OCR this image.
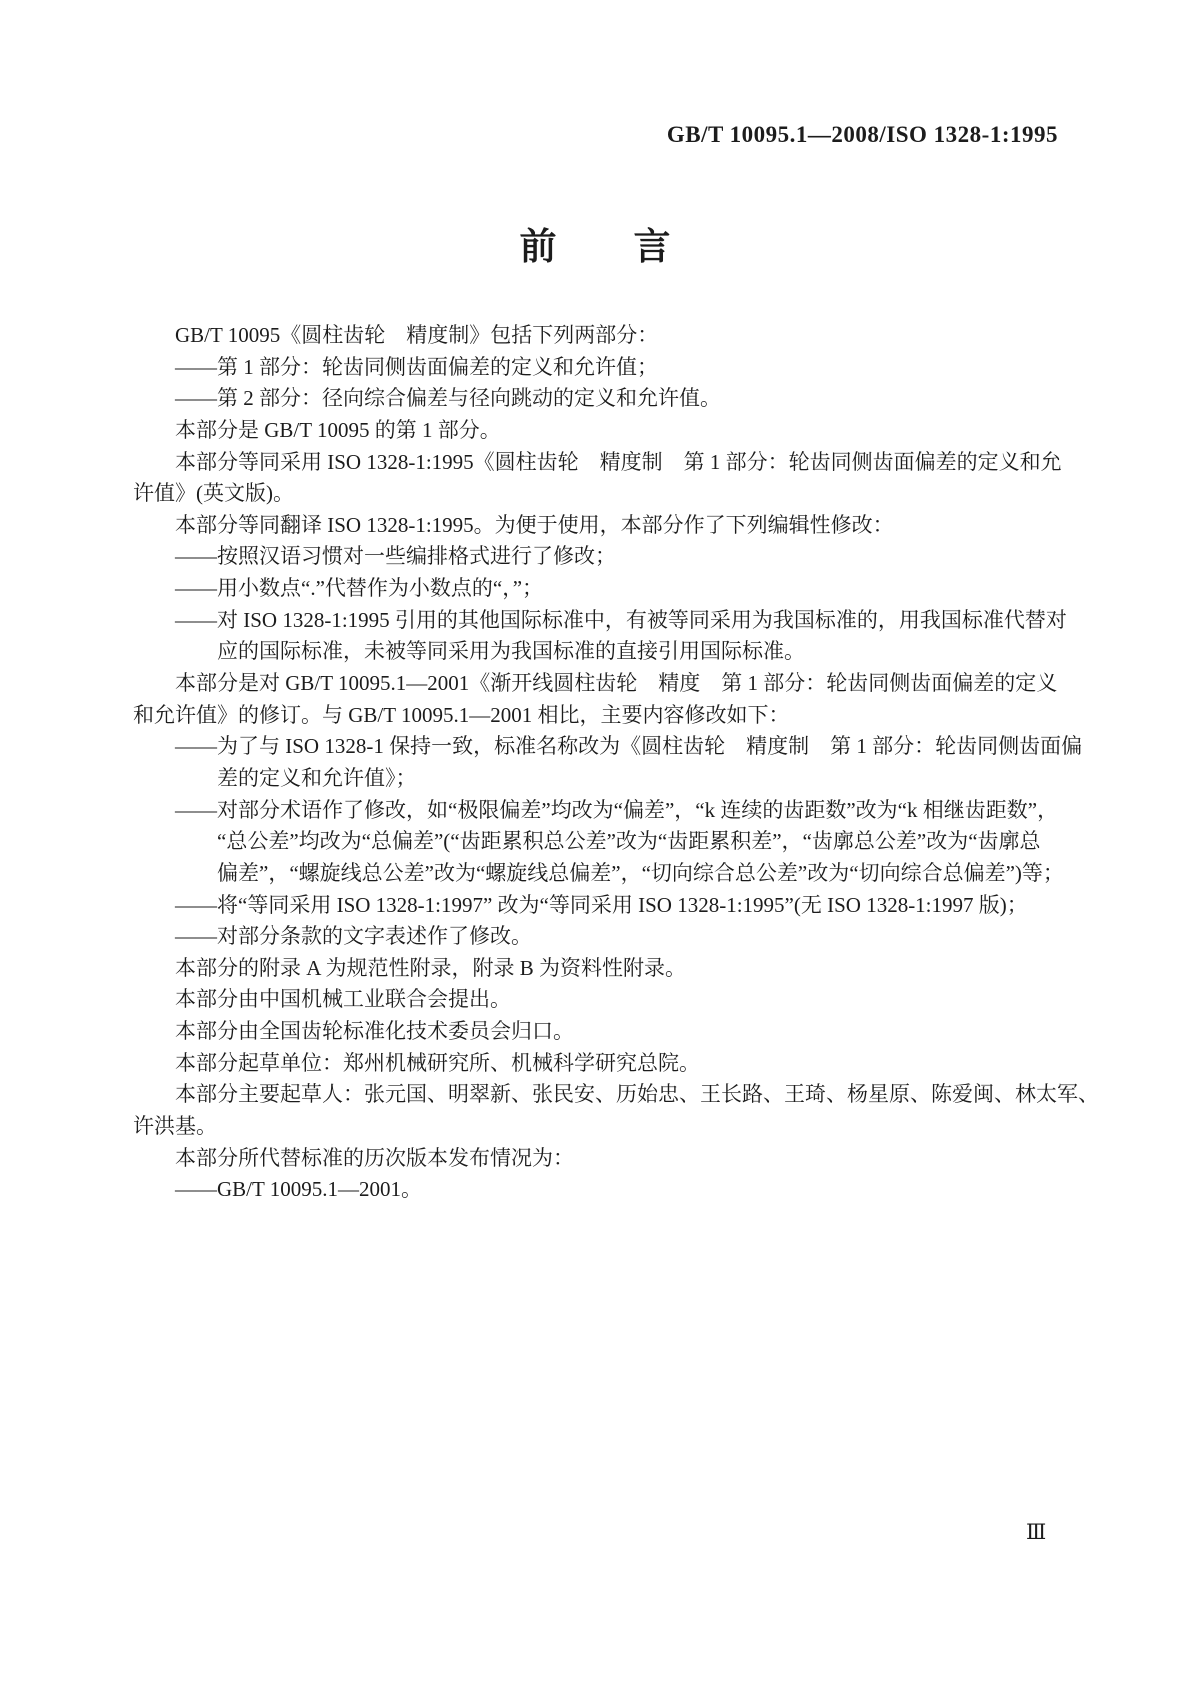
GB/T 10095.1—2008/ISO 1328-1:1995
前　　言
GB/T 10095《圆柱齿轮　精度制》包括下列两部分：
——第 1 部分：轮齿同侧齿面偏差的定义和允许值；
——第 2 部分：径向综合偏差与径向跳动的定义和允许值。
本部分是 GB/T 10095 的第 1 部分。
本部分等同采用 ISO 1328-1:1995《圆柱齿轮　精度制　第 1 部分：轮齿同侧齿面偏差的定义和允
许值》(英文版)。
本部分等同翻译 ISO 1328-1:1995。为便于使用，本部分作了下列编辑性修改：
——按照汉语习惯对一些编排格式进行了修改；
——用小数点“.”代替作为小数点的“，”；
——对 ISO 1328-1:1995 引用的其他国际标准中，有被等同采用为我国标准的，用我国标准代替对
应的国际标准，未被等同采用为我国标准的直接引用国际标准。
本部分是对 GB/T 10095.1—2001《渐开线圆柱齿轮　精度　第 1 部分：轮齿同侧齿面偏差的定义
和允许值》的修订。与 GB/T 10095.1—2001 相比，主要内容修改如下：
——为了与 ISO 1328-1 保持一致，标准名称改为《圆柱齿轮　精度制　第 1 部分：轮齿同侧齿面偏
差的定义和允许值》；
——对部分术语作了修改，如“极限偏差”均改为“偏差”，“k 连续的齿距数”改为“k 相继齿距数”，
“总公差”均改为“总偏差”(“齿距累积总公差”改为“齿距累积差”，“齿廓总公差”改为“齿廓总
偏差”，“螺旋线总公差”改为“螺旋线总偏差”，“切向综合总公差”改为“切向综合总偏差”)等；
——将“等同采用 ISO 1328-1:1997” 改为“等同采用 ISO 1328-1:1995”(无 ISO 1328-1:1997 版)；
——对部分条款的文字表述作了修改。
本部分的附录 A 为规范性附录，附录 B 为资料性附录。
本部分由中国机械工业联合会提出。
本部分由全国齿轮标准化技术委员会归口。
本部分起草单位：郑州机械研究所、机械科学研究总院。
本部分主要起草人：张元国、明翠新、张民安、历始忠、王长路、王琦、杨星原、陈爱闽、林太军、
许洪基。
本部分所代替标准的历次版本发布情况为：
——GB/T 10095.1—2001。
Ⅲ
